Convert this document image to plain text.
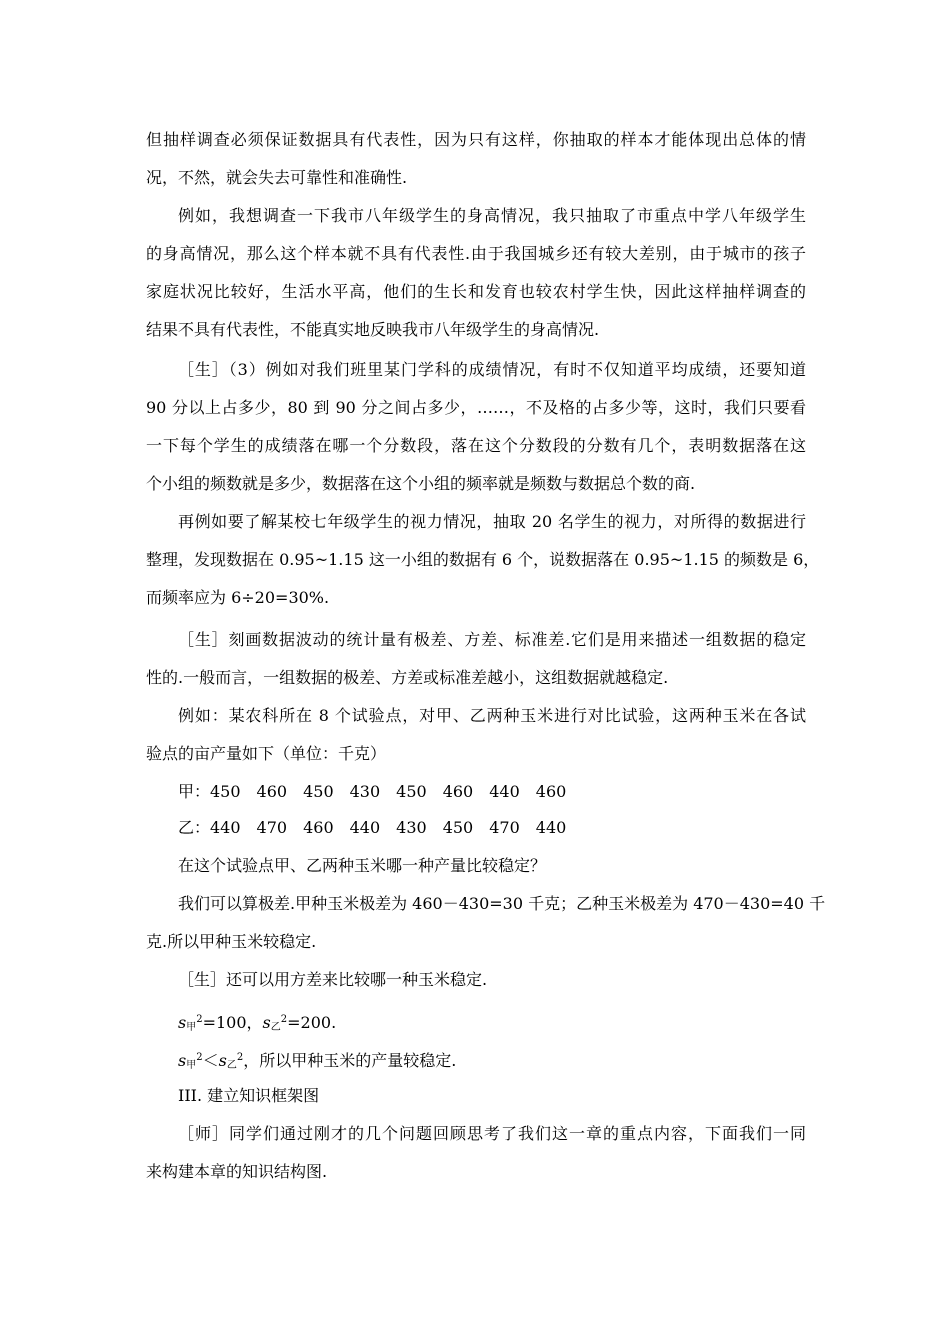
但抽样调查必须保证数据具有代表性，因为只有这样，你抽取的样本才能体现出总体的情
况，不然，就会失去可靠性和准确性.
例如，我想调查一下我市八年级学生的身高情况，我只抽取了市重点中学八年级学生
的身高情况，那么这个样本就不具有代表性.由于我国城乡还有较大差别，由于城市的孩子
家庭状况比较好，生活水平高，他们的生长和发育也较农村学生快，因此这样抽样调查的
结果不具有代表性，不能真实地反映我市八年级学生的身高情况.
［生］（3）例如对我们班里某门学科的成绩情况，有时不仅知道平均成绩，还要知道
90 分以上占多少，80 到 90 分之间占多少，……，不及格的占多少等，这时，我们只要看
一下每个学生的成绩落在哪一个分数段，落在这个分数段的分数有几个，表明数据落在这
个小组的频数就是多少，数据落在这个小组的频率就是频数与数据总个数的商.
再例如要了解某校七年级学生的视力情况，抽取 20 名学生的视力，对所得的数据进行
整理，发现数据在 0.95~1.15 这一小组的数据有 6 个，说数据落在 0.95~1.15 的频数是 6，
而频率应为 6÷20=30%.
［生］刻画数据波动的统计量有极差、方差、标准差.它们是用来描述一组数据的稳定
性的.一般而言，一组数据的极差、方差或标准差越小，这组数据就越稳定.
例如：某农科所在 8 个试验点，对甲、乙两种玉米进行对比试验，这两种玉米在各试
验点的亩产量如下（单位：千克）
甲：450　460　450　430　450　460　440　460
乙：440　470　460　440　430　450　470　440
在这个试验点甲、乙两种玉米哪一种产量比较稳定？
我们可以算极差.甲种玉米极差为 460－430=30 千克；乙种玉米极差为 470－430=40 千
克.所以甲种玉米较稳定.
［生］还可以用方差来比较哪一种玉米稳定.
$s_甲^2=100$，$s_乙^2=200$.
$s_甲^2<s_乙^2$，所以甲种玉米的产量较稳定.
III. 建立知识框架图
［师］同学们通过刚才的几个问题回顾思考了我们这一章的重点内容，下面我们一同
来构建本章的知识结构图.
